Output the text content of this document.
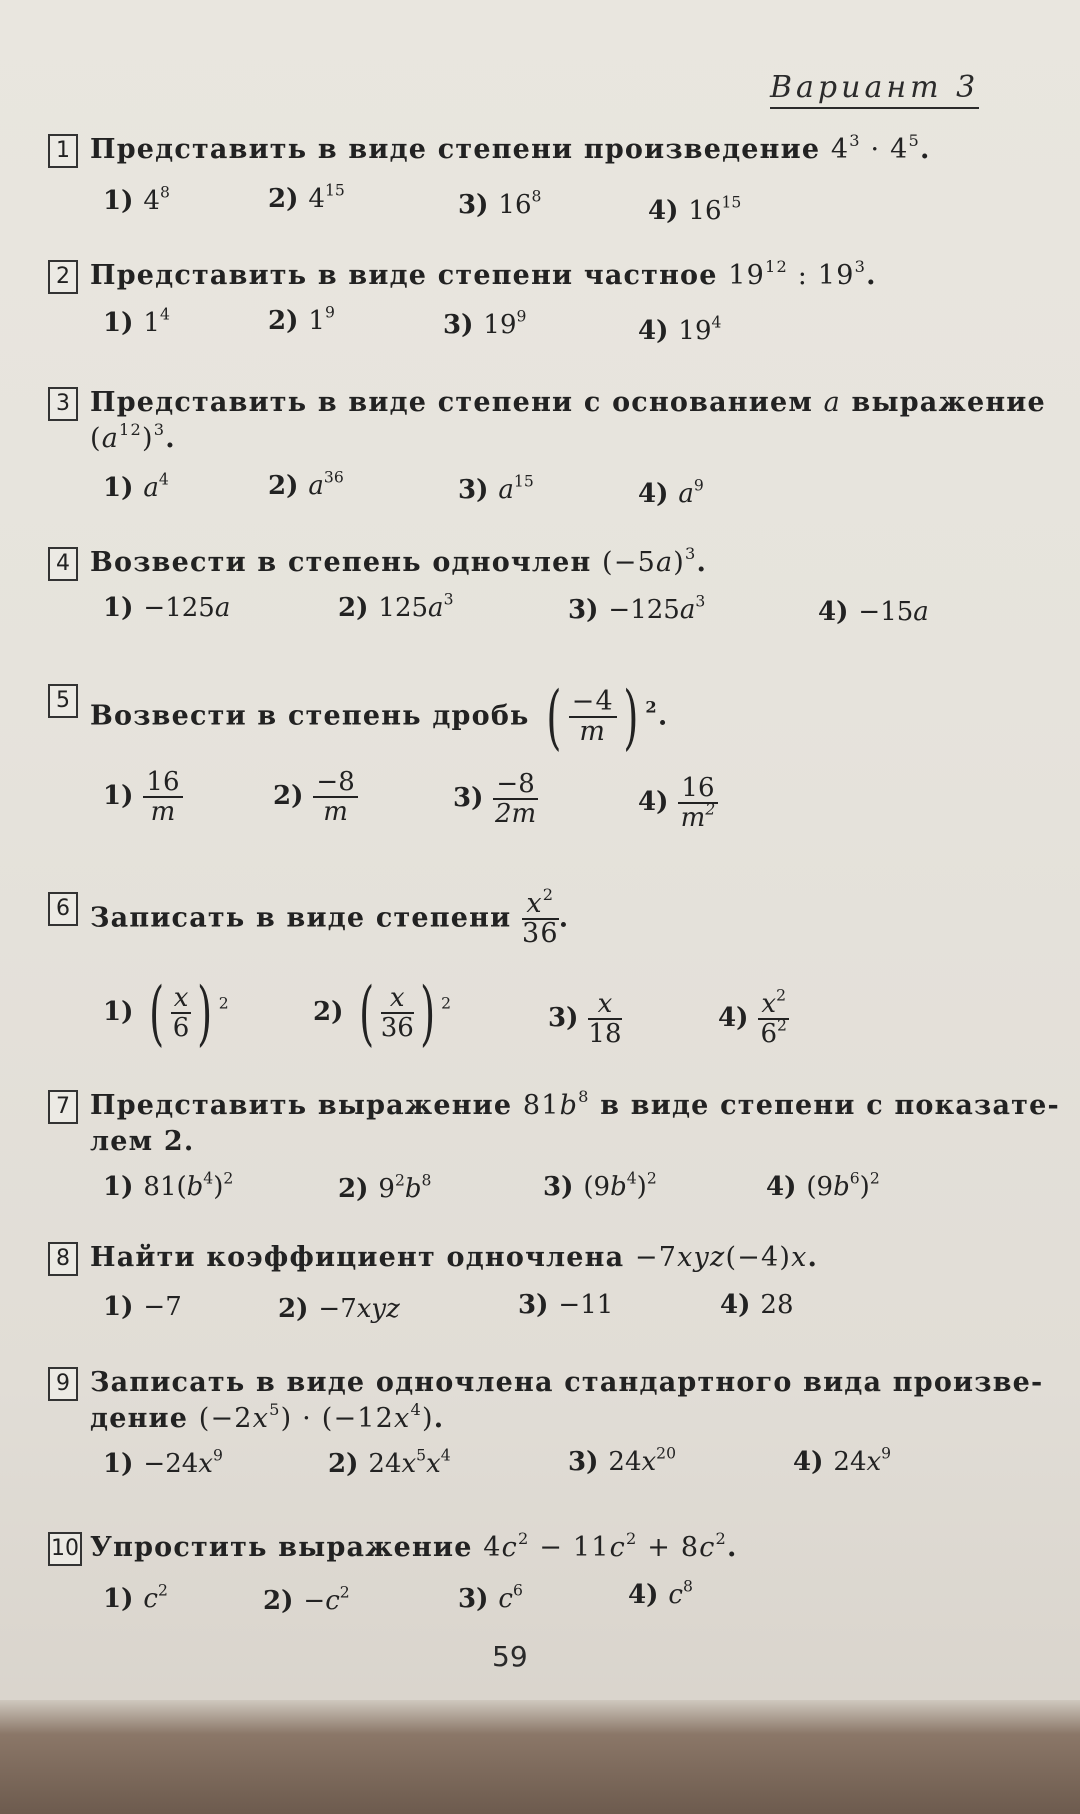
Вариант 3
1 Представить в виде степени произведение $4^3 \cdot 4^5$.
1) $4^8$	2) $4^{15}$	3) $16^8$	4) $16^{15}$
2 Представить в виде степени частное $19^{12}$ : $19^3$.
1) $1^4$	2) $1^9$	3) $19^9$	4) $19^4$
3 Представить в виде степени с основанием a выражение
$(a^{12})^3$.
1) $a^4$	2) $a^{36}$	3) $a^{15}$	4) $a^9$
4 Возвести в степень одночлен $(-5a)^3$.
1) −125a	2) $125a^3$	$3) -125a^3$	4) −15a
5 Возвести в степень дробь ( $\frac{-4}{m}$ ) $^2$.
$1) \frac{16}{m}$	$2) \frac{-8}{m}$	$3) \frac{-8}{2m}$	$4) \frac{16}{m^2}$
6 Записать в виде степени $\frac{x^2}{36}$ .
1) ( $\frac{x}{6}$ ) $^2$	2) ( $\frac{x}{36}$ ) $^2$	$3) \frac{x}{18}$	$4) \frac{x^2}{6^2}$
7 Представить выражение $81b^8$ в виде степени с показате-
лем 2.
1) $81(b^4)^2$	2) $9^2b^8$	3) $(9b^4)^2$	4) $(9b^6)^2$
8 Найти коэффициент одночлена −7xyz(−4)x.
1) −7	2) −7xyz	3) −11	4) 28
9 Записать в виде одночлена стандартного вида произве-
дение $(-2x^5) \cdot (-12x^4)$.
$1) -24x^9$	2) $24x^5x^4$	3) $24x^{20}$	4) $24x^9$
10 Упростить выражение $4c^2 - 11c^2 + 8c^2$.
1) $c^2$	$2) -c^2$	3) $c^6$	4) $c^8$
59
